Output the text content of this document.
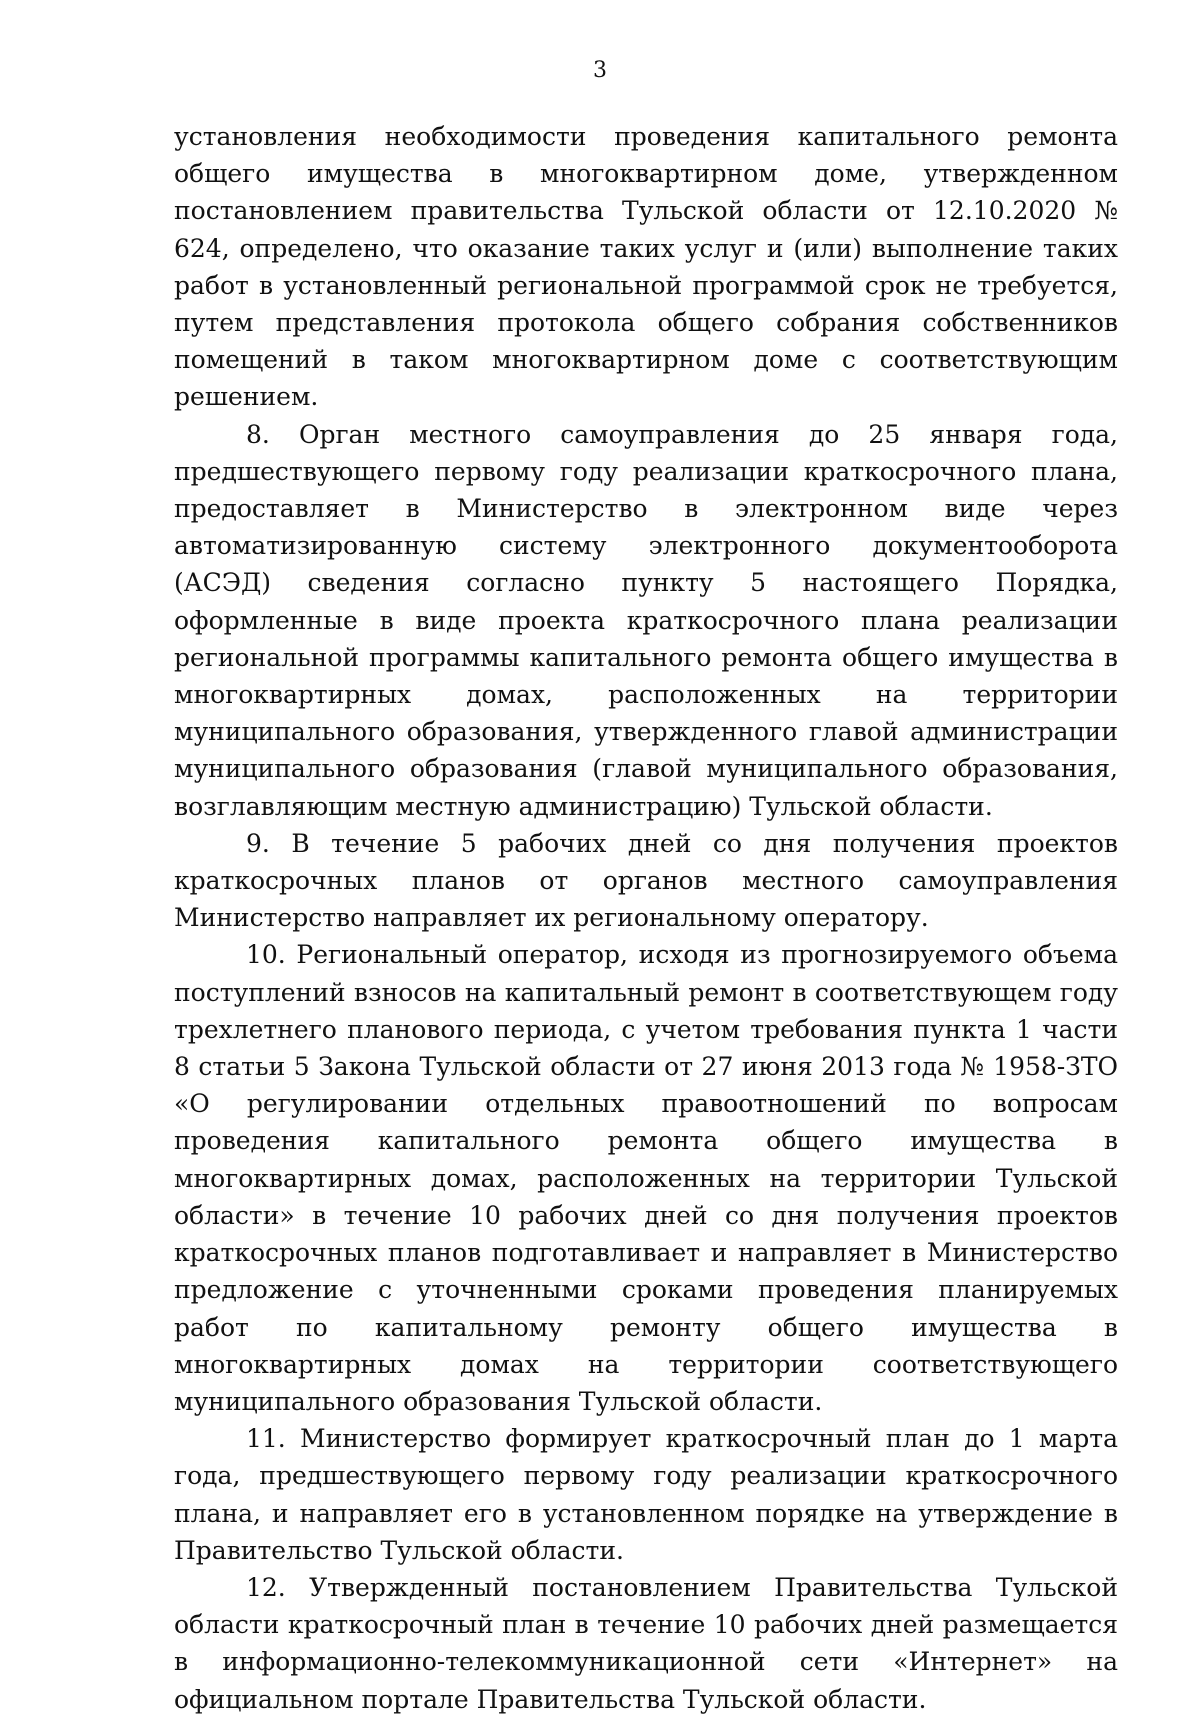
3

установления необходимости проведения капитального ремонта общего имущества в многоквартирном доме, утвержденном постановлением правительства Тульской области от 12.10.2020 № 624, определено, что оказание таких услуг и (или) выполнение таких работ в установленный региональной программой срок не требуется, путем представления протокола общего собрания собственников помещений в таком многоквартирном доме с соответствующим решением.

8. Орган местного самоуправления до 25 января года, предшествующего первому году реализации краткосрочного плана, предоставляет в Министерство в электронном виде через автоматизированную систему электронного документооборота (АСЭД) сведения согласно пункту 5 настоящего Порядка, оформленные в виде проекта краткосрочного плана реализации региональной программы капитального ремонта общего имущества в многоквартирных домах, расположенных на территории муниципального образования, утвержденного главой администрации муниципального образования (главой муниципального образования, возглавляющим местную администрацию) Тульской области.

9. В течение 5 рабочих дней со дня получения проектов краткосрочных планов от органов местного самоуправления Министерство направляет их региональному оператору.

10. Региональный оператор, исходя из прогнозируемого объема поступлений взносов на капитальный ремонт в соответствующем году трехлетнего планового периода, с учетом требования пункта 1 части 8 статьи 5 Закона Тульской области от 27 июня 2013 года № 1958-ЗТО «О регулировании отдельных правоотношений по вопросам проведения капитального ремонта общего имущества в многоквартирных домах, расположенных на территории Тульской области» в течение 10 рабочих дней со дня получения проектов краткосрочных планов подготавливает и направляет в Министерство предложение с уточненными сроками проведения планируемых работ по капитальному ремонту общего имущества в многоквартирных домах на территории соответствующего муниципального образования Тульской области.

11. Министерство формирует краткосрочный план до 1 марта года, предшествующего первому году реализации краткосрочного плана, и направляет его в установленном порядке на утверждение в Правительство Тульской области.

12. Утвержденный постановлением Правительства Тульской области краткосрочный план в течение 10 рабочих дней размещается в информационно-телекоммуникационной сети «Интернет» на официальном портале Правительства Тульской области.
